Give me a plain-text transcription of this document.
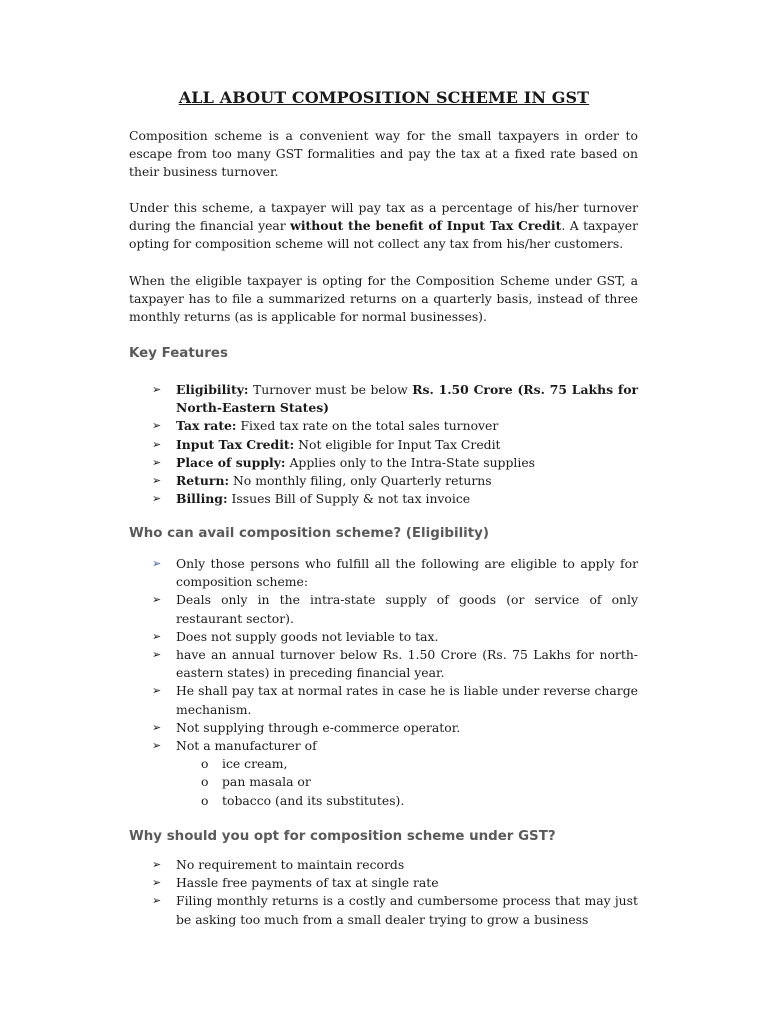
ALL ABOUT COMPOSITION SCHEME IN GST

Composition scheme is a convenient way for the small taxpayers in order to escape from too many GST formalities and pay the tax at a fixed rate based on their business turnover.

Under this scheme, a taxpayer will pay tax as a percentage of his/her turnover during the financial year without the benefit of Input Tax Credit. A taxpayer opting for composition scheme will not collect any tax from his/her customers.

When the eligible taxpayer is opting for the Composition Scheme under GST, a taxpayer has to file a summarized returns on a quarterly basis, instead of three monthly returns (as is applicable for normal businesses).

Key Features
➢ Eligibility: Turnover must be below Rs. 1.50 Crore (Rs. 75 Lakhs for North-Eastern States)
➢ Tax rate: Fixed tax rate on the total sales turnover
➢ Input Tax Credit: Not eligible for Input Tax Credit
➢ Place of supply: Applies only to the Intra-State supplies
➢ Return: No monthly filing, only Quarterly returns
➢ Billing: Issues Bill of Supply & not tax invoice
Who can avail composition scheme? (Eligibility)
➢ Only those persons who fulfill all the following are eligible to apply for composition scheme:
➢ Deals only in the intra-state supply of goods (or service of only restaurant sector).
➢ Does not supply goods not leviable to tax.
➢ have an annual turnover below Rs. 1.50 Crore (Rs. 75 Lakhs for north-eastern states) in preceding financial year.
➢ He shall pay tax at normal rates in case he is liable under reverse charge mechanism.
➢ Not supplying through e-commerce operator.
➢ Not a manufacturer of
o ice cream,
o pan masala or
o tobacco (and its substitutes).
Why should you opt for composition scheme under GST?
➢ No requirement to maintain records
➢ Hassle free payments of tax at single rate
➢ Filing monthly returns is a costly and cumbersome process that may just be asking too much from a small dealer trying to grow a business
